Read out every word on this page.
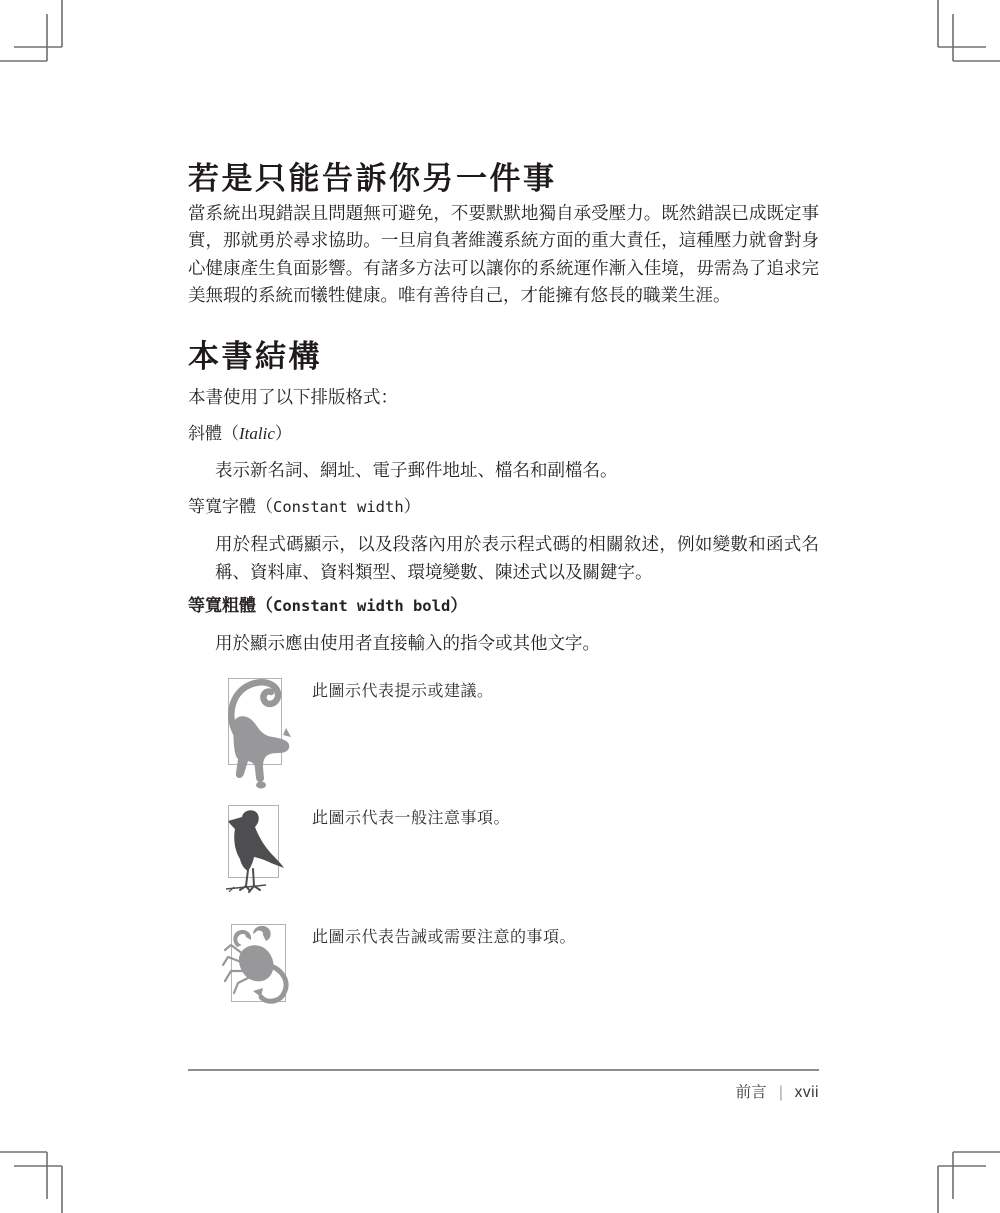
若是只能告訴你另一件事

當系統出現錯誤且問題無可避免，不要默默地獨自承受壓力。既然錯誤已成既定事實，那就勇於尋求協助。一旦肩負著維護系統方面的重大責任，這種壓力就會對身心健康產生負面影響。有諸多方法可以讓你的系統運作漸入佳境，毋需為了追求完美無瑕的系統而犧牲健康。唯有善待自己，才能擁有悠長的職業生涯。

本書結構

本書使用了以下排版格式：

斜體（Italic）

表示新名詞、網址、電子郵件地址、檔名和副檔名。

等寬字體（Constant width）

用於程式碼顯示，以及段落內用於表示程式碼的相關敘述，例如變數和函式名稱、資料庫、資料類型、環境變數、陳述式以及關鍵字。

等寬粗體（Constant width bold）

用於顯示應由使用者直接輸入的指令或其他文字。

此圖示代表提示或建議。

此圖示代表一般注意事項。

此圖示代表告誡或需要注意的事項。

前言 | xvii
